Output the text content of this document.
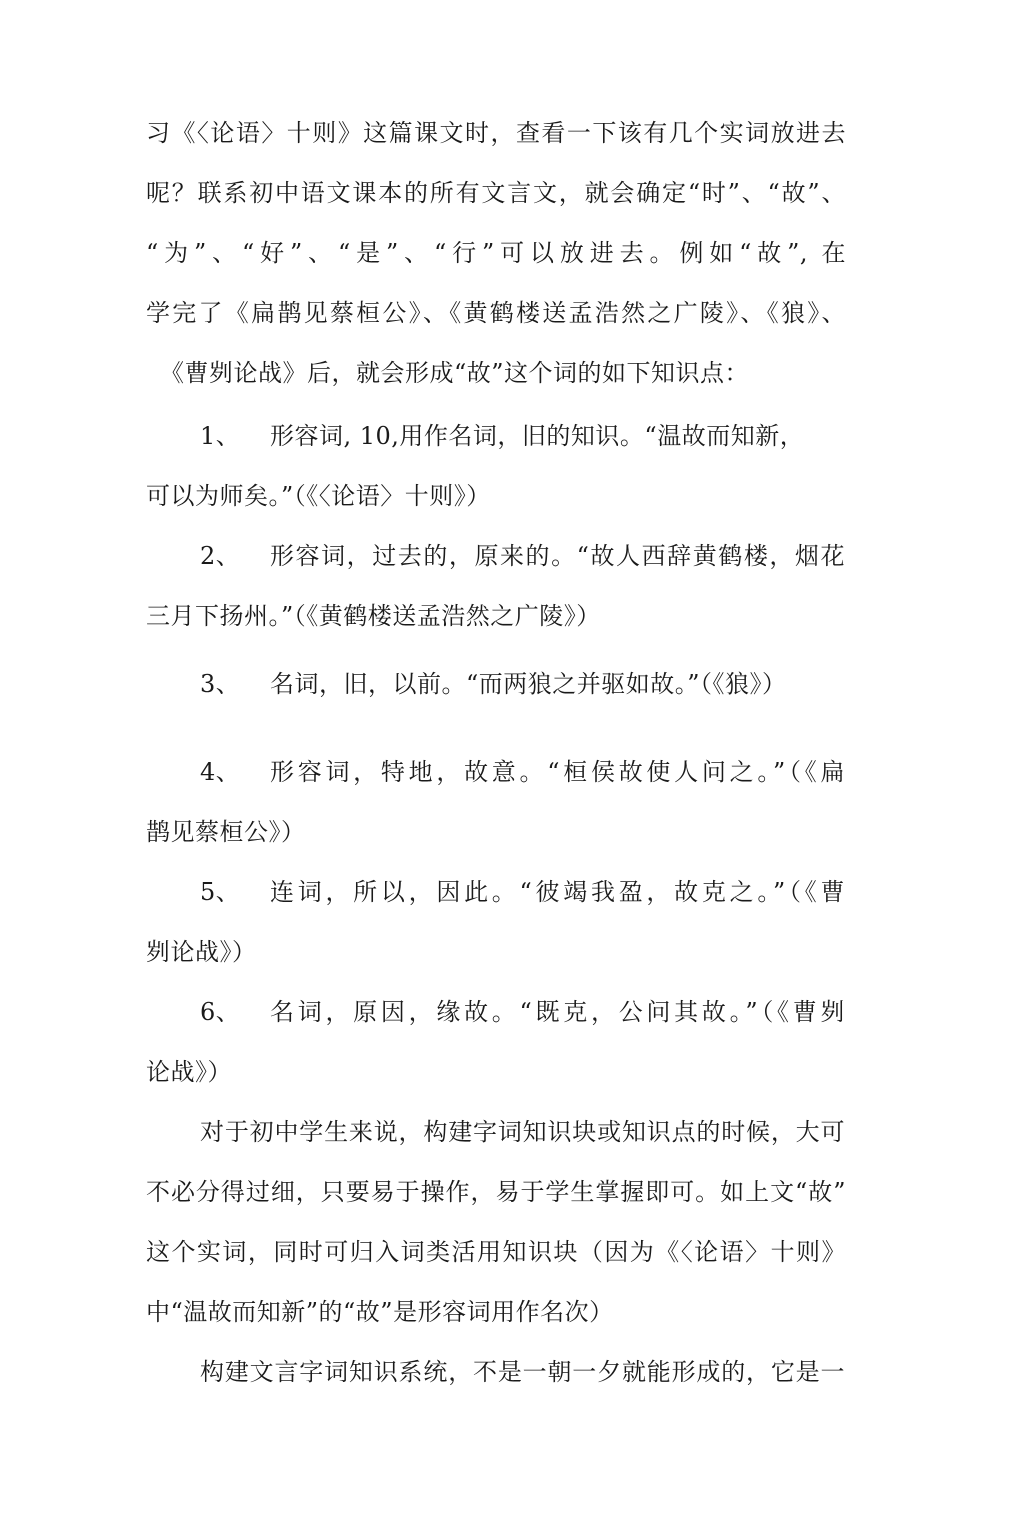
习《〈论语〉十则》这篇课文时，查看一下该有几个实词放进去
呢？联系初中语文课本的所有文言文，就会确定“时”、“故”、
“为”、“好”、“是”、“行”可以放进去。例如“故”, 在
学完了《扁鹊见蔡桓公》、《黄鹤楼送孟浩然之广陵》、《狼》、
《曹刿论战》后，就会形成“故”这个词的如下知识点：
1、 形容词, 10,用作名词，旧的知识。“温故而知新，
可以为师矣。”（《〈论语〉十则》）
2、 形容词，过去的，原来的。“故人西辞黄鹤楼，烟花
三月下扬州。”（《黄鹤楼送孟浩然之广陵》）
3、 名词，旧，以前。“而两狼之并驱如故。”（《狼》）
4、 形容词，特地，故意。“桓侯故使人问之。”（《扁
鹊见蔡桓公》）
5、 连词，所以，因此。“彼竭我盈，故克之。”（《曹
刿论战》）
6、 名词，原因，缘故。“既克，公问其故。”（《曹刿
论战》）
对于初中学生来说，构建字词知识块或知识点的时候，大可
不必分得过细，只要易于操作，易于学生掌握即可。如上文“故”
这个实词，同时可归入词类活用知识块（因为《〈论语〉十则》
中“温故而知新”的“故”是形容词用作名次）
构建文言字词知识系统，不是一朝一夕就能形成的，它是一
